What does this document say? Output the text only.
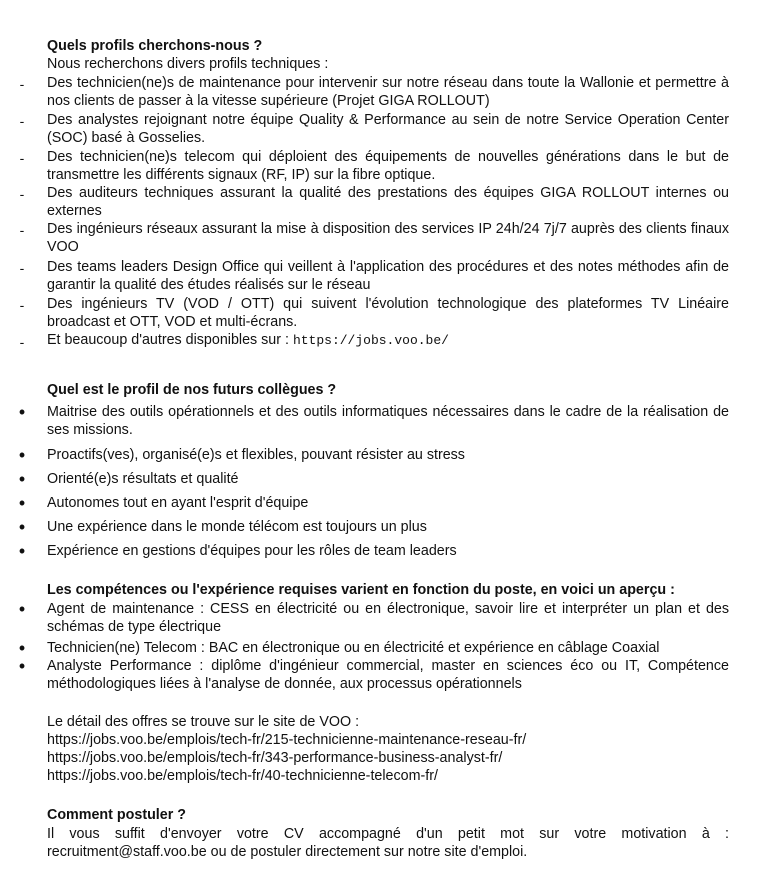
Quels profils cherchons-nous ?
Nous recherchons divers profils techniques :
-	Des technicien(ne)s de maintenance pour intervenir sur notre réseau dans toute la Wallonie et permettre à nos clients de passer à la vitesse supérieure (Projet GIGA ROLLOUT)
-	Des analystes rejoignant notre équipe Quality & Performance au sein de notre Service Operation Center (SOC) basé à Gosselies.
-	Des technicien(ne)s telecom qui déploient des équipements de nouvelles générations dans le but de transmettre les différents signaux (RF, IP) sur la fibre optique.
-	Des auditeurs techniques assurant la qualité des prestations des équipes GIGA ROLLOUT internes ou externes
-	Des ingénieurs réseaux assurant la mise à disposition des services IP 24h/24 7j/7 auprès des clients finaux VOO
-	Des teams leaders Design Office qui veillent à l'application des procédures et des notes méthodes afin de garantir la qualité des études réalisés sur le réseau
-	Des ingénieurs TV (VOD / OTT) qui suivent l'évolution technologique des plateformes TV Linéaire broadcast et OTT, VOD et multi-écrans.
-	Et beaucoup d'autres disponibles sur : https://jobs.voo.be/
Quel est le profil de nos futurs collègues ?
• Maitrise des outils opérationnels et des outils informatiques nécessaires dans le cadre de la réalisation de ses missions.
• Proactifs(ves), organisé(e)s et flexibles, pouvant résister au stress
• Orienté(e)s résultats et qualité
• Autonomes tout en ayant l'esprit d'équipe
• Une expérience dans le monde télécom est toujours un plus
• Expérience en gestions d'équipes pour les rôles de team leaders
Les compétences ou l'expérience requises varient en fonction du poste, en voici un aperçu :
• Agent de maintenance : CESS en électricité ou en électronique, savoir lire et interpréter un plan et des schémas de type électrique
• Technicien(ne) Telecom : BAC en électronique ou en électricité et expérience en câblage Coaxial
• Analyste Performance : diplôme d'ingénieur commercial, master en sciences éco ou IT, Compétence méthodologiques liées à l'analyse de donnée, aux processus opérationnels
Le détail des offres se trouve sur le site de VOO :
https://jobs.voo.be/emplois/tech-fr/215-technicienne-maintenance-reseau-fr/
https://jobs.voo.be/emplois/tech-fr/343-performance-business-analyst-fr/
https://jobs.voo.be/emplois/tech-fr/40-technicienne-telecom-fr/
Comment postuler ?
Il vous suffit d'envoyer votre CV accompagné d'un petit mot sur votre motivation à : recruitment@staff.voo.be ou de postuler directement sur notre site d'emploi.
